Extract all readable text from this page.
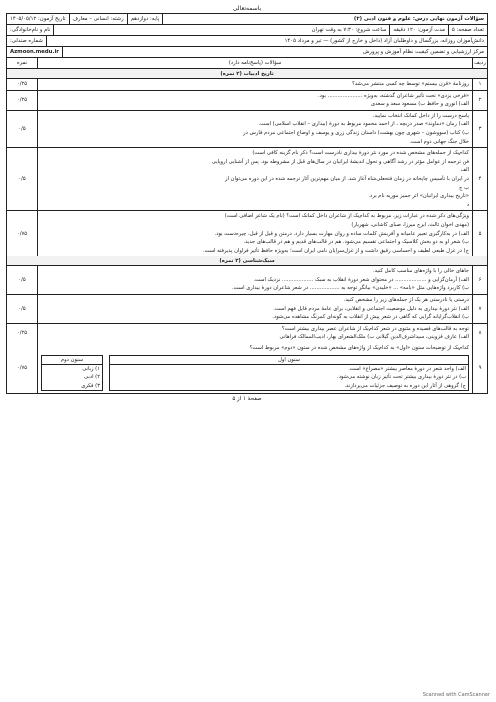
باسمه‌تعالی
سؤالات آزمون نهایی درس: علوم و فنون ادبی (۳)
پایه: دوازدهم
رشته: انسانی – معارف
تاریخ آزمون: ۱۴۰۵/۰۵/۱۲
تعداد صفحه: ۵
مدت آزمون: ۱۲۰ دقیقه
ساعت شروع: ۷:۳۰ به وقت تهران
نام و نام‌خانوادگی:
دانش‌آموزان روزانه، بزرگسال و داوطلبان آزاد (داخل و خارج از کشور) — تیر و مرداد ۱۴۰۵
شماره صندلی:
مرکز ارزشیابی و تضمین کیفیت نظام آموزش و پرورش
Azmoon.medu.ir
ردیف
سؤالات (پاسخ‌نامه دارد)
نمره
تاریخ ادبیات (۲ نمره)
۱
روزنامهٔ «قرن بیستم» توسط چه کسی منتشر می‌شد؟
۰/۲۵
۲
«فرخی یزدی» تحت تأثیر شاعران گذشته، به‌ویژه ..................... بود.
الف) انوری و حافظ ب) مسعود سعد و سعدی
۰/۲۵
۳
پاسخ درست را از داخل کمانک انتخاب نمایید.
الف) رمان «دماوند» صدر دربچه ، از احمد محمود مربوط به دورهٔ (بیداری – انقلاب اسلامی) است.
ب) کتاب (سووشون – شهری چون بهشت) داستان زندگی زری و یوسف و اوضاع اجتماعی مردم فارس در
خلال جنگ جهانی دوم است.
۰/۵
۴
کدام‌یک از جمله‌های مشخص شده در مورد نثر دورهٔ بیداری نادرست است؟ ذکر نام گزینه کافی است)
فن ترجمه از عوامل مؤثر در رشد آگاهی و تحول اندیشهٔ ایرانیان در سال‌های قبل از مشروطه بود. پس از آشنایی اروپایی
الف
در ایران با تأسیس چاپخانه در زمان فتحعلی‌شاه آغاز شد. از میان مهم‌ترین آثار ترجمه شده در این دوره می‌توان از
ب ج
«تاریخ بیداری ایرانیان» اثر جمیز موریه نام برد.
د
۰/۵
۵
ویژگی‌های ذکر شده در عبارات زیر، مربوط به کدام‌یک از شاعران داخل کمانک است؟ (نام یک شاعر اضافی است)
(مهدی اخوان ثالث، ایرج میرزا، صبای کاشانی، شهریار)
الف) در به‌کارگیری تعبیر عامیانه و آفرینش کلمات ساده و روان مهارت بسیار دارد. درمتن و قبل از قبل، چیره‌دست بود.
ب) شعر او به دو بخش کلاسیک و اجتماعی تقسیم می‌شود. هم در قالب‌های قدیم و هم در قالب‌های جدید.
ج) در غزل طبعی لطیف و احساسی رقیق داشت و از غزل‌سرایان نامی ایران است؛ به‌ویژه حافظ تأثیر فراوان پذیرفته است.
۰/۷۵
سبک‌شناسی (۲ نمره)
۶
جاهای خالی را با واژه‌های مناسب کامل کنید.
الف) آرمان‌گرایی و ................... در محتوای شعر دورهٔ انقلاب به سبک ................... نزدیک است.
ب) کاربرد واژه‌هایی مثل «بامه» ... «خلیدن» بیانگر توجه به .................. در شعر شاعران دورهٔ بیداری است.
۰/۵
۷
درستی یا نادرستی هر یک از جمله‌های زیر را مشخص کنید.
الف) نثر دورهٔ بیداری به دلیل موضعیت اجتماعی و انقلابی، برای عامهٔ مردم قابل فهم است.
ب) انقلاب‌گرایانه گرایی که گاهی در شعر پیش از انقلاب به گونه‌ای کمرنگ مشاهده می‌شود.
۰/۵
۸
توجه به قالب‌های قصیده و مثنوی در شعر کدام‌یک از شاعران عصر بیداری بیشتر است؟
الف) عارف قزوینی، سیداشرف‌الدین گیلانی ب) ملک‌الشعرای بهار، ادیب‌الممالک فراهانی
۰/۲۵
۹
کدام‌یک از توضیحات ستون «اول» به کدام‌یک از واژه‌های مشخص شده در ستون «دوم» مربوط است؟
ستون اول
الف) واحد شعر در دورهٔ معاصر بیشتر «مصراع» است.
ب) در نثر دورهٔ بیداری بیشتر تحت تأثیر زبان نوشته می‌شود.
ج) گروهی از آثار این دوره به توصیف جزئیات می‌پردازند.
ستون دوم
۱) زبانی
۲) ادبی
۳) فکری
۰/۷۵
صفحهٔ ۱ از ۵
Scanned with CamScanner
